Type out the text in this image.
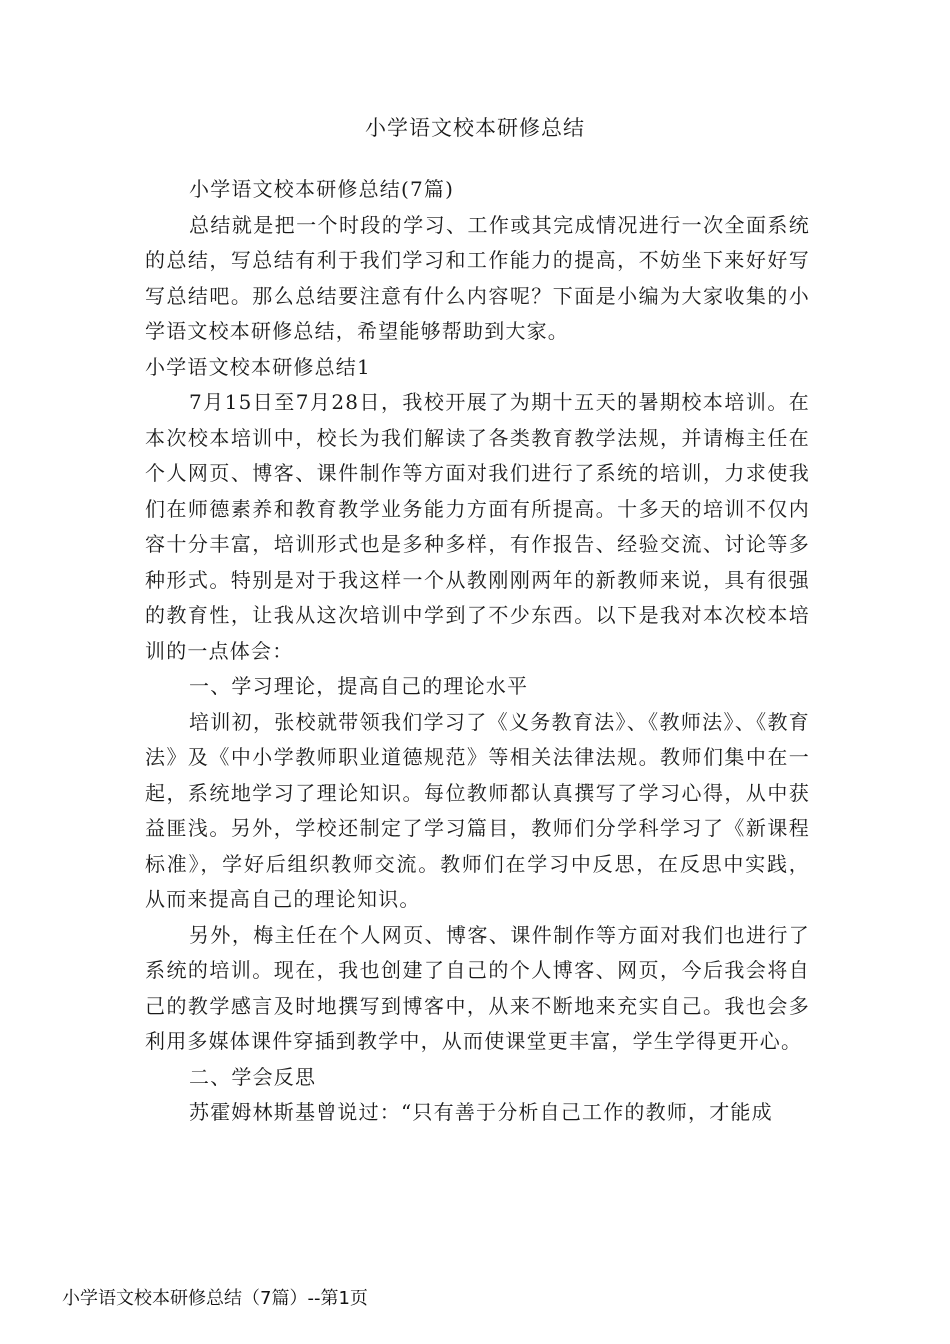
小学语文校本研修总结

小学语文校本研修总结(7篇)

总结就是把一个时段的学习、工作或其完成情况进行一次全面系统的总结，写总结有利于我们学习和工作能力的提高，不妨坐下来好好写写总结吧。那么总结要注意有什么内容呢？下面是小编为大家收集的小学语文校本研修总结，希望能够帮助到大家。

小学语文校本研修总结1

7月15日至7月28日，我校开展了为期十五天的暑期校本培训。在本次校本培训中，校长为我们解读了各类教育教学法规，并请梅主任在个人网页、博客、课件制作等方面对我们进行了系统的培训，力求使我们在师德素养和教育教学业务能力方面有所提高。十多天的培训不仅内容十分丰富，培训形式也是多种多样，有作报告、经验交流、讨论等多种形式。特别是对于我这样一个从教刚刚两年的新教师来说，具有很强的教育性，让我从这次培训中学到了不少东西。以下是我对本次校本培训的一点体会：

一、学习理论，提高自己的理论水平

培训初，张校就带领我们学习了《义务教育法》、《教师法》、《教育法》及《中小学教师职业道德规范》等相关法律法规。教师们集中在一起，系统地学习了理论知识。每位教师都认真撰写了学习心得，从中获益匪浅。另外，学校还制定了学习篇目，教师们分学科学习了《新课程标准》，学好后组织教师交流。教师们在学习中反思，在反思中实践，从而来提高自己的理论知识。

另外，梅主任在个人网页、博客、课件制作等方面对我们也进行了系统的培训。现在，我也创建了自己的个人博客、网页，今后我会将自己的教学感言及时地撰写到博客中，从来不断地来充实自己。我也会多利用多媒体课件穿插到教学中，从而使课堂更丰富，学生学得更开心。

二、学会反思

苏霍姆林斯基曾说过：“只有善于分析自己工作的教师，才能成

小学语文校本研修总结（7篇）--第1页
